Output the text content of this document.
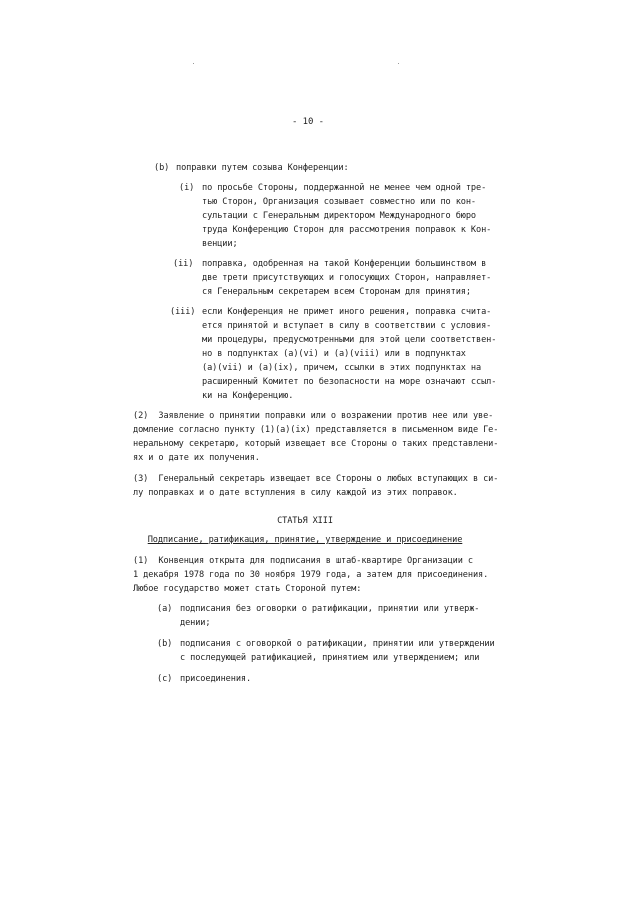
- 10 -
(b) поправки путем созыва Конференции:
(i) по просьбе Стороны, поддержанной не менее чем одной тре-
тью Сторон, Организация созывает совместно или по кон-
сультации с Генеральным директором Международного бюро
труда Конференцию Сторон для рассмотрения поправок к Кон-
венции;
(ii) поправка, одобренная на такой Конференции большинством в
две трети присутствующих и голосующих Сторон, направляет-
ся Генеральным секретарем всем Сторонам для принятия;
(iii) если Конференция не примет иного решения, поправка счита-
ется принятой и вступает в силу в соответствии с условия-
ми процедуры, предусмотренными для этой цели соответствен-
но в подпунктах (a)(vi) и (a)(viii) или в подпунктах
(a)(vii) и (a)(ix), причем, ссылки в этих подпунктах на
расширенный Комитет по безопасности на море означают ссыл-
ки на Конференцию.
(2)  Заявление о принятии поправки или о возражении против нее или уве-
домление согласно пункту (1)(a)(ix) представляется в письменном виде Ге-
неральному секретарю, который извещает все Стороны о таких представлени-
ях и о дате их получения.
(3)  Генеральный секретарь извещает все Стороны о любых вступающих в си-
лу поправках и о дате вступления в силу каждой из этих поправок.
СТАТЬЯ XIII
Подписание, ратификация, принятие, утверждение и присоединение
(1)  Конвенция открыта для подписания в штаб-квартире Организации с
1 декабря 1978 года по 30 ноября 1979 года, а затем для присоединения.
Любое государство может стать Стороной путем:
(a) подписания без оговорки о ратификации, принятии или утверж-
дении;
(b) подписания с оговоркой о ратификации, принятии или утверждении
с последующей ратификацией, принятием или утверждением; или
(c) присоединения.
